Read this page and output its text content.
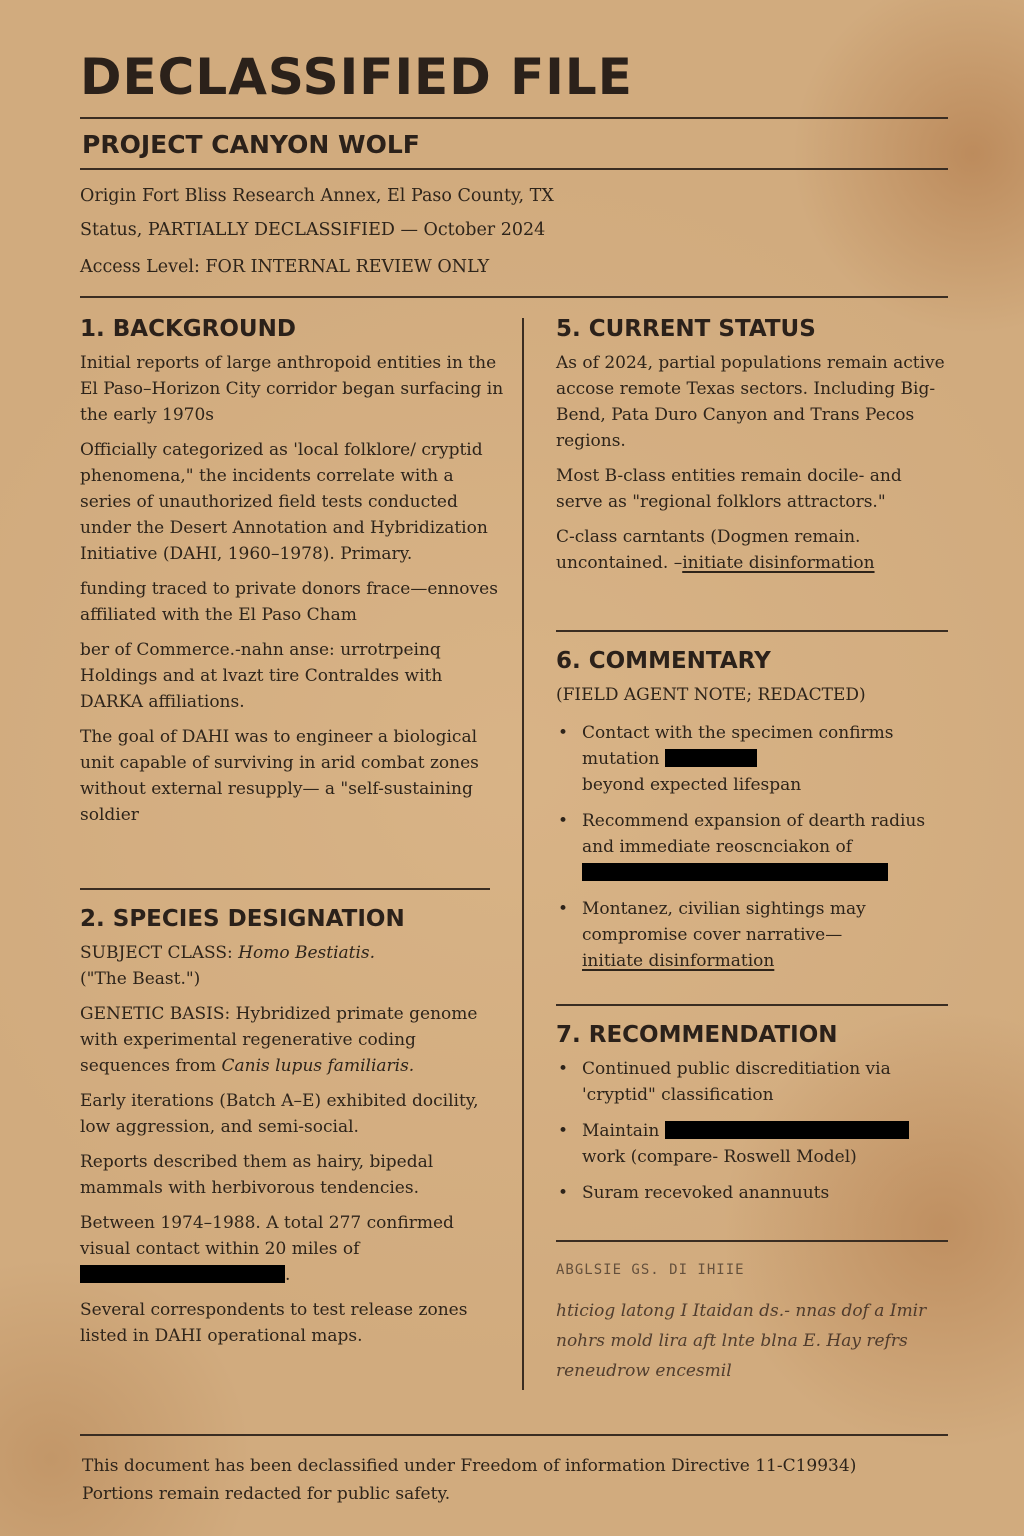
DECLASSIFIED FILE
PROJECT CANYON WOLF
Origin Fort Bliss Research Annex, El Paso County, TX
Status, PARTIALLY DECLASSIFIED — October 2024
Access Level: FOR INTERNAL REVIEW ONLY
1. BACKGROUND

Initial reports of large anthropoid entities in the El Paso–Horizon City corridor began surfacing in the early 1970s

Officially categorized as 'local folklore/ cryptid phenomena," the incidents correlate with a series of unauthorized field tests conducted under the Desert Annotation and Hybridization Initiative (DAHI, 1960–1978). Primary.

funding traced to private donors frace—ennoves affiliated with the El Paso Cham

ber of Commerce.-nahn anse: urrotrpeinq Holdings and at lvazt tire Contraldes with DARKA affiliations.

The goal of DAHI was to engineer a biological unit capable of surviving in arid combat zones without external resupply— a "self-sustaining soldier

2. SPECIES DESIGNATION

SUBJECT CLASS: Homo Bestiatis.
("The Beast.")

GENETIC BASIS: Hybridized primate genome with experimental regenerative coding sequences from Canis lupus familiaris.

Early iterations (Batch A–E) exhibited docility, low aggression, and semi-social.

Reports described them as hairy, bipedal mammals with herbivorous tendencies.

Between 1974–1988. A total 277 confirmed visual contact within 20 miles of .

Several correspondents to test release zones listed in DAHI operational maps.

5. CURRENT STATUS

As of 2024, partial populations remain active accose remote Texas sectors. Including Big-Bend, Pata Duro Canyon and Trans Pecos regions.

Most B-class entities remain docile- and serve as "regional folklors attractors."

C-class carntants (Dogmen remain. uncontained. –initiate disinformation

6. COMMENTARY

(FIELD AGENT NOTE; REDACTED)

• Contact with the specimen confirms mutation
beyond expected lifespan
• Recommend expansion of dearth radius and immediate reoscnciakon of
• Montanez, civilian sightings may compromise cover narrative—
initiate disinformation
7. RECOMMENDATION
• Continued public discreditiation via 'cryptid" classification
• Maintain
work (compare- Roswell Model)
• Suram recevoked anannuuts
ABGLSIE GS. DI IHIIE
hticiog latong I Itaidan ds.- nnas dof a Imir nohrs mold lira aft lnte blna E. Hay refrs reneudrow encesmil
This document has been declassified under Freedom of information Directive 11-C19934)
Portions remain redacted for public safety.
